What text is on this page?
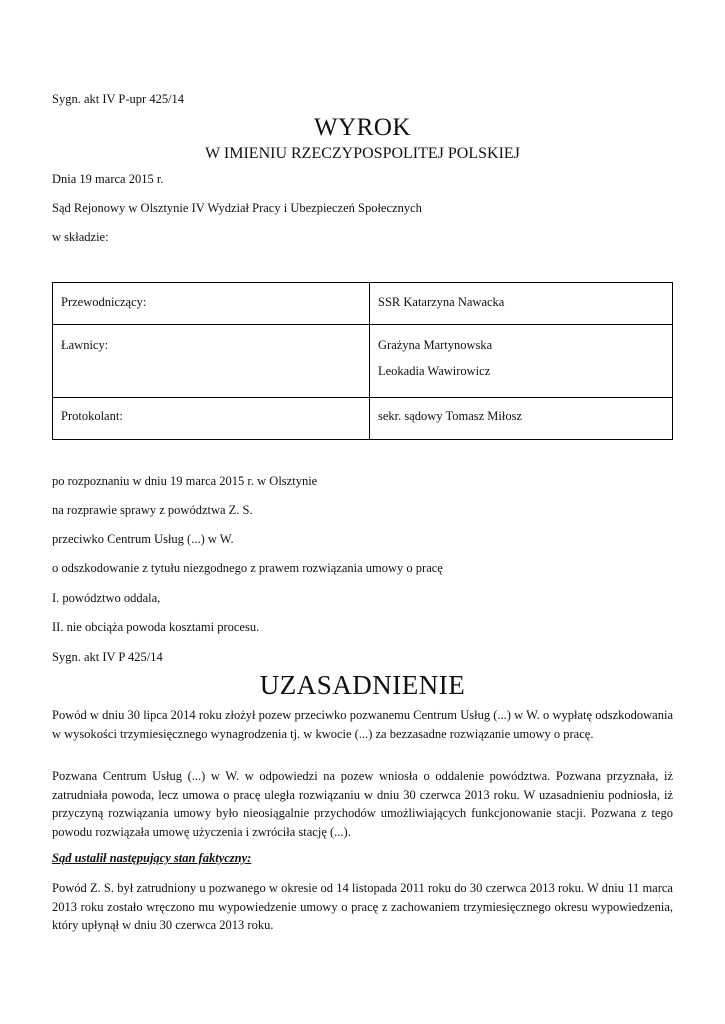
Sygn. akt IV P-upr 425/14
WYROK
W IMIENIU RZECZYPOSPOLITEJ POLSKIEJ
Dnia 19 marca 2015 r.
Sąd Rejonowy w Olsztynie IV Wydział Pracy i Ubezpieczeń Społecznych
w składzie:
Przewodniczący:	SSR Katarzyna Nawacka
Ławnicy:	Grażyna Martynowska
Leokadia Wawirowicz

Protokolant:	sekr. sądowy Tomasz Miłosz
po rozpoznaniu w dniu 19 marca 2015 r. w Olsztynie
na rozprawie sprawy z powództwa Z. S.
przeciwko Centrum Usług (...) w W.
o odszkodowanie z tytułu niezgodnego z prawem rozwiązania umowy o pracę
I. powództwo oddala,
II. nie obciąża powoda kosztami procesu.
Sygn. akt IV P 425/14
UZASADNIENIE
Powód w dniu 30 lipca 2014 roku złożył pozew przeciwko pozwanemu Centrum Usług (...) w W. o wypłatę odszkodowania w wysokości trzymiesięcznego wynagrodzenia tj. w kwocie (...) za bezzasadne rozwiązanie umowy o pracę.
Pozwana Centrum Usług (...) w W. w odpowiedzi na pozew wniosła o oddalenie powództwa. Pozwana przyznała, iż zatrudniała powoda, lecz umowa o pracę uległa rozwiązaniu w dniu 30 czerwca 2013 roku. W uzasadnieniu podniosła, iż przyczyną rozwiązania umowy było nieosiągalnie przychodów umożliwiających funkcjonowanie stacji. Pozwana z tego powodu rozwiązała umowę użyczenia i zwróciła stację (...).
Sąd ustalił następujący stan faktyczny:
Powód Z. S. był zatrudniony u pozwanego w okresie od 14 listopada 2011 roku do 30 czerwca 2013 roku. W dniu 11 marca 2013 roku zostało wręczono mu wypowiedzenie umowy o pracę z zachowaniem trzymiesięcznego okresu wypowiedzenia, który upłynął w dniu 30 czerwca 2013 roku.
